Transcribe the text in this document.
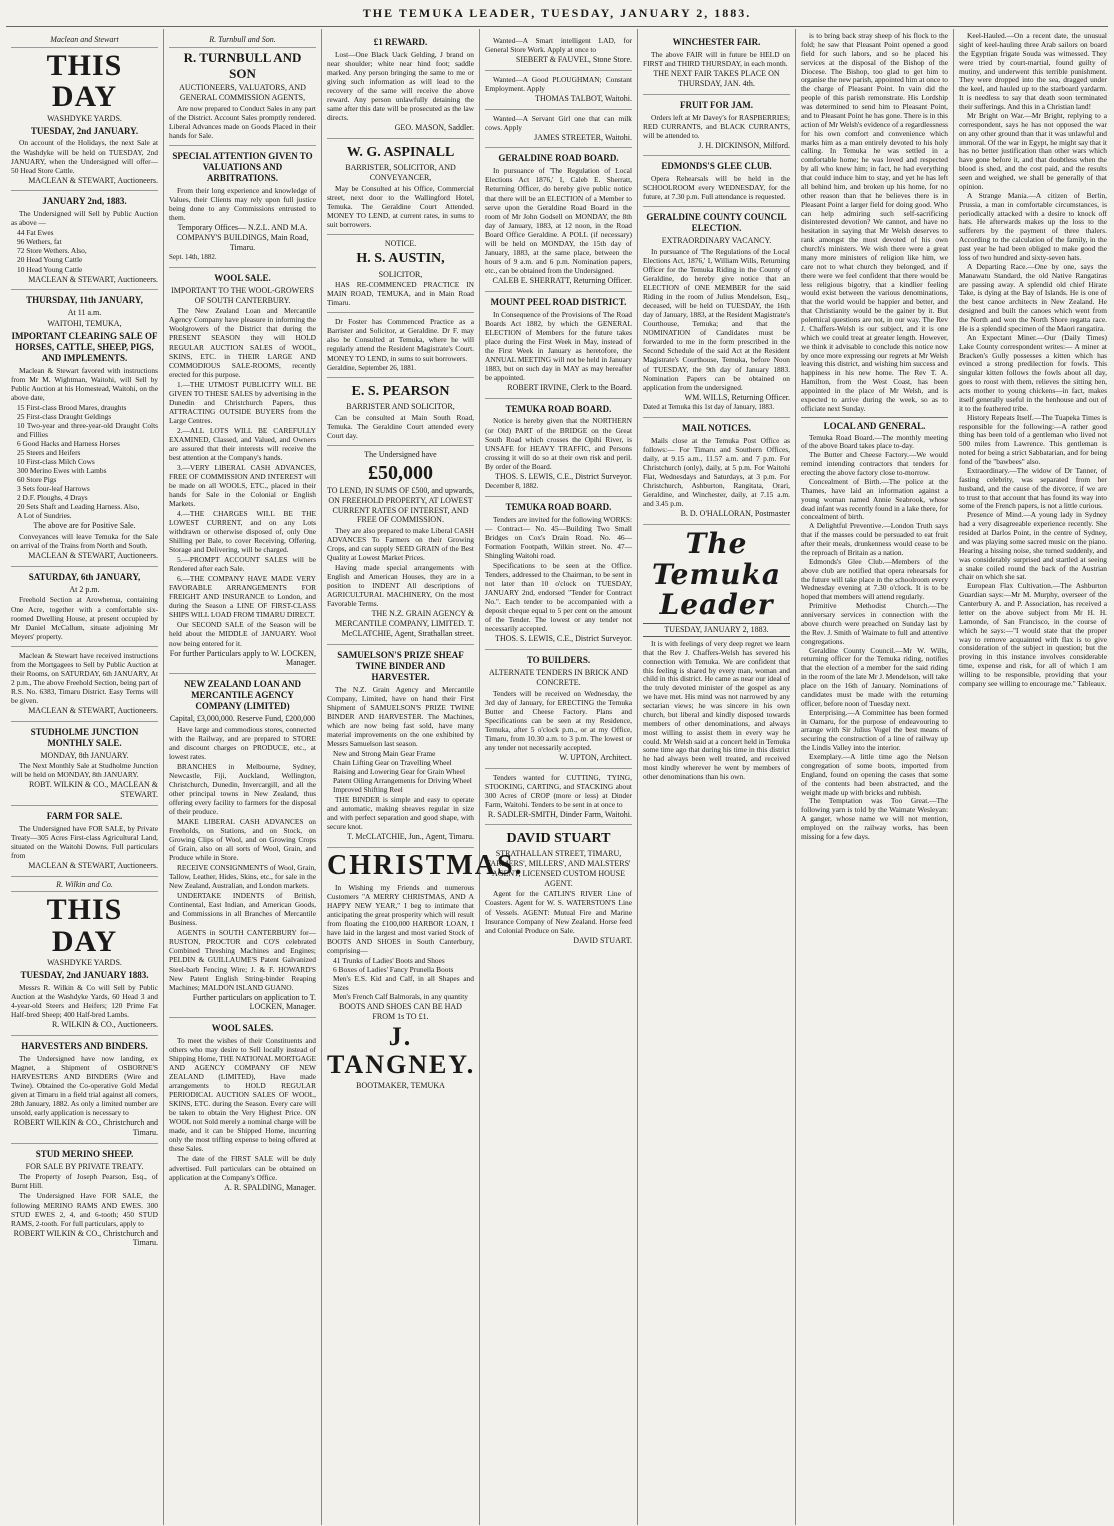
THE TEMUKA LEADER, TUESDAY, JANUARY 2, 1883.
Maclean and Stewart
THIS DAY
WASHDYKE YARDS.
TUESDAY, 2nd JANUARY.
On account of the Holidays, the next Sale at the Washdyke will be held on TUESDAY, 2nd JANUARY, when the Undersigned will offer— 50 Head Store Cattle.
MACLEAN & STEWART, Auctioneers.
JANUARY 2nd, 1883.
The Undersigned will Sell by Public Auction as above —
44 Fat Ewes
96 Wethers, fat
72 Store Wethers. Also,
20 Head Young Cattle
10 Head Young Cattle
MACLEAN & STEWART, Auctioneers.
THURSDAY, 11th JANUARY,
At 11 a.m.
WAITOHI, TEMUKA,
IMPORTANT CLEARING SALE OF HORSES, CATTLE, SHEEP, PIGS, AND IMPLEMENTS.
Maclean & Stewart favored with instructions from Mr M. Wightman, Waitohi, will Sell by Public Auction at his Homestead, Waitohi, on the above date,
15 First-class Brood Mares, draughts
25 First-class Draught Geldings
10 Two-year and three-year-old Draught Colts and Fillies
6 Good Hacks and Harness Horses
25 Steers and Heifers
10 First-class Milch Cows
300 Merino Ewes with Lambs
60 Store Pigs
3 Sets four-leaf Harrows
2 D.F. Ploughs, 4 Drays
20 Sets Shaft and Leading Harness. Also,
A Lot of Sundries.
The above are for Positive Sale.
Conveyances will leave Temuka for the Sale on arrival of the Trains from North and South.
MACLEAN & STEWART, Auctioneers.
SATURDAY, 6th JANUARY,
At 2 p.m.
Freehold Section at Arowhenua, containing One Acre, together with a comfortable six-roomed Dwelling House, at present occupied by Mr Daniel McCallum, situate adjoining Mr Meyers' property.
Maclean & Stewart have received instructions from the Mortgagees to Sell by Public Auction at their Rooms, on SATURDAY, 6th JANUARY, At 2 p.m., The above Freehold Section, being part of R.S. No. 6383, Timaru District. Easy Terms will be given.
MACLEAN & STEWART, Auctioneers.
STUDHOLME JUNCTION MONTHLY SALE.
MONDAY, 8th JANUARY.
The Next Monthly Sale at Studholme Junction will be held on MONDAY, 8th JANUARY.
ROBT. WILKIN & CO., MACLEAN & STEWART.
FARM FOR SALE.
The Undersigned have FOR SALE, by Private Treaty—305 Acres First-class Agricultural Land, situated on the Waitohi Downs. Full particulars from
MACLEAN & STEWART, Auctioneers.
R. Wilkin and Co.
THIS DAY
WASHDYKE YARDS.
TUESDAY, 2nd JANUARY 1883.
Messrs R. Wilkin & Co will Sell by Public Auction at the Washdyke Yards, 60 Head 3 and 4-year-old Steers and Heifers; 120 Prime Fat Half-bred Sheep; 400 Half-bred Lambs.
R. WILKIN & CO., Auctioneers.
HARVESTERS AND BINDERS.
The Undersigned have now landing, ex Magnet, a Shipment of OSBORNE'S HARVESTERS AND BINDERS (Wire and Twine). Obtained the Co-operative Gold Medal given at Timaru in a field trial against all comers, 28th January, 1882. As only a limited number are unsold, early application is necessary to
ROBERT WILKIN & CO., Christchurch and Timaru.
STUD MERINO SHEEP.
FOR SALE BY PRIVATE TREATY.
The Property of Joseph Pearson, Esq., of Burnt Hill.
The Undersigned Have FOR SALE, the following MERINO RAMS AND EWES. 300 STUD EWES 2, 4, and 6-tooth; 450 STUD RAMS, 2-tooth. For full particulars, apply to
ROBERT WILKIN & CO., Christchurch and Timaru.
R. Turnbull and Son.
R. TURNBULL AND SON
AUCTIONEERS, VALUATORS, AND GENERAL COMMISSION AGENTS,
Are now prepared to Conduct Sales in any part of the District. Account Sales promptly rendered. Liberal Advances made on Goods Placed in their hands for Sale.
SPECIAL ATTENTION GIVEN TO VALUATIONS AND ARBITRATIONS.
From their long experience and knowledge of Values, their Clients may rely upon full justice being done to any Commissions entrusted to them.
Temporary Offices— N.Z.L. AND M.A. COMPANY'S BUILDINGS, Main Road, Timaru.
Sept. 14th, 1882.
WOOL SALE.
IMPORTANT TO THE WOOL-GROWERS OF SOUTH CANTERBURY.
The New Zealand Loan and Mercantile Agency Company have pleasure in informing the Woolgrowers of the District that during the PRESENT SEASON they will HOLD REGULAR AUCTION SALES of WOOL, SKINS, ETC. in THEIR LARGE AND COMMODIOUS SALE-ROOMS, recently erected for this purpose.
1.—THE UTMOST PUBLICITY WILL BE GIVEN TO THESE SALES by advertising in the Dunedin and Christchurch Papers, thus ATTRACTING OUTSIDE BUYERS from the Large Centres.
2.—ALL LOTS WILL BE CAREFULLY EXAMINED, Classed, and Valued, and Owners are assured that their interests will receive the best attention at the Company's hands.
3.—VERY LIBERAL CASH ADVANCES, FREE OF COMMISSION AND INTEREST will be made on all WOOLS, ETC., placed in their hands for Sale in the Colonial or English Markets.
4.—THE CHARGES WILL BE THE LOWEST CURRENT, and on any Lots withdrawn or otherwise disposed of, only One Shilling per Bale, to cover Receiving, Offering, Storage and Delivering, will be charged.
5.—PROMPT ACCOUNT SALES will be Rendered after each Sale.
6.—THE COMPANY HAVE MADE VERY FAVORABLE ARRANGEMENTS FOR FREIGHT AND INSURANCE to London, and during the Season a LINE OF FIRST-CLASS SHIPS WILL LOAD FROM TIMARU DIRECT.
Our SECOND SALE of the Season will be held about the MIDDLE of JANUARY. Wool now being entered for it.
For further Particulars apply to W. LOCKEN, Manager.
NEW ZEALAND LOAN AND MERCANTILE AGENCY COMPANY (LIMITED)
Capital, £3,000,000. Reserve Fund, £200,000
Have large and commodious stores, connected with the Railway, and are prepared to STORE and discount charges on PRODUCE, etc., at lowest rates.
BRANCHES in Melbourne, Sydney, Newcastle, Fiji, Auckland, Wellington, Christchurch, Dunedin, Invercargill, and all the other principal towns in New Zealand, thus offering every facility to farmers for the disposal of their produce.
MAKE LIBERAL CASH ADVANCES on Freeholds, on Stations, and on Stock, on Growing Clips of Wool, and on Growing Crops of Grain, also on all sorts of Wool, Grain, and Produce while in Store.
RECEIVE CONSIGNMENTS of Wool, Grain, Tallow, Leather, Hides, Skins, etc., for sale in the New Zealand, Australian, and London markets.
UNDERTAKE INDENTS of British, Continental, East Indian, and American Goods, and Commissions in all Branches of Mercantile Business.
AGENTS in SOUTH CANTERBURY for— RUSTON, PROCTOR and CO'S celebrated Combined Threshing Machines and Engines; PELDIN & GUILLAUME'S Patent Galvanized Steel-barb Fencing Wire; J. & F. HOWARD'S New Patent English String-binder Reaping Machines; MALDON ISLAND GUANO.
Further particulars on application to T. LOCKEN, Manager.
WOOL SALES.
To meet the wishes of their Constituents and others who may desire to Sell locally instead of Shipping Home, THE NATIONAL MORTGAGE AND AGENCY COMPANY OF NEW ZEALAND (LIMITED), Have made arrangements to HOLD REGULAR PERIODICAL AUCTION SALES OF WOOL, SKINS, ETC. during the Season. Every care will be taken to obtain the Very Highest Price. ON WOOL not Sold merely a nominal charge will be made, and it can be Shipped Home, incurring only the most trifling expense to being offered at these Sales.
The date of the FIRST SALE will be duly advertised. Full particulars can be obtained on application at the Company's Office.
A. R. SPALDING, Manager.
£1 REWARD.
Lost—One Black Uack Gelding, J brand on near shoulder; white near hind foot; saddle marked. Any person bringing the same to me or giving such information as will lead to the recovery of the same will receive the above reward. Any person unlawfully detaining the same after this date will be prosecuted as the law directs.
GEO. MASON, Saddler.
W. G. ASPINALL
BARRISTER, SOLICITOR, AND CONVEYANCER,
May be Consulted at his Office, Commercial street, next door to the Wallingford Hotel, Temuka. The Geraldine Court Attended. MONEY TO LEND, at current rates, in sums to suit borrowers.
NOTICE.
H. S. AUSTIN,
SOLICITOR,
HAS RE-COMMENCED PRACTICE IN MAIN ROAD, TEMUKA, and in Main Road Timaru.
Dr Foster has Commenced Practice as a Barrister and Solicitor, at Geraldine. Dr F. may also be Consulted at Temuka, where he will regularly attend the Resident Magistrate's Court. MONEY TO LEND, in sums to suit borrowers.
Geraldine, September 26, 1881.
E. S. PEARSON
BARRISTER AND SOLICITOR,
Can be consulted at Main South Road, Temuka. The Geraldine Court attended every Court day.
The Undersigned have
£50,000
TO LEND, IN SUMS OF £500, and upwards, ON FREEHOLD PROPERTY, AT LOWEST CURRENT RATES OF INTEREST, AND FREE OF COMMISSION.
They are also prepared to make Liberal CASH ADVANCES To Farmers on their Growing Crops, and can supply SEED GRAIN of the Best Quality at Lowest Market Prices.
Having made special arrangements with English and American Houses, they are in a position to INDENT All descriptions of AGRICULTURAL MACHINERY, On the most Favorable Terms.
THE N.Z. GRAIN AGENCY & MERCANTILE COMPANY, LIMITED. T. McCLATCHIE, Agent, Strathallan street.
SAMUELSON'S PRIZE SHEAF TWINE BINDER AND HARVESTER.
The N.Z. Grain Agency and Mercantile Company, Limited, have on hand their First Shipment of SAMUELSON'S PRIZE TWINE BINDER AND HARVESTER. The Machines, which are now being fast sold, have many material improvements on the one exhibited by Messrs Samuelson last season.
New and Strong Main Gear Frame
Chain Lifting Gear on Travelling Wheel
Raising and Lowering Gear for Grain Wheel
Patent Oiling Arrangements for Driving Wheel
Improved Shifting Reel
THE BINDER is simple and easy to operate and automatic, making sheaves regular in size and with perfect separation and good shape, with secure knot.
T. McCLATCHIE, Jun., Agent, Timaru.
CHRISTMAS.
In Wishing my Friends and numerous Customers "A MERRY CHRISTMAS, AND A HAPPY NEW YEAR," I beg to intimate that anticipating the great prosperity which will result from floating the £100,000 HARBOR LOAN, I have laid in the largest and most varied Stock of BOOTS AND SHOES in South Canterbury, comprising—
41 Trunks of Ladies' Boots and Shoes
6 Boxes of Ladies' Fancy Prunella Boots
Men's E.S. Kid and Calf, in all Shapes and Sizes
Men's French Calf Balmorals, in any quantity
BOOTS AND SHOES CAN BE HAD FROM 1s TO £1.
J. TANGNEY.
BOOTMAKER, TEMUKA
Wanted—A Smart intelligent LAD, for General Store Work. Apply at once to
SIEBERT & FAUVEL, Stone Store.
Wanted—A Good PLOUGHMAN; Constant Employment. Apply
THOMAS TALBOT, Waitohi.
Wanted—A Servant Girl one that can milk cows. Apply
JAMES STREETER, Waitohi.
GERALDINE ROAD BOARD.
In pursuance of 'The Regulation of Local Elections Act 1876,' I, Caleb E. Sherratt, Returning Officer, do hereby give public notice that there will be an ELECTION of a Member to serve upon the Geraldine Road Board in the room of Mr John Godsell on MONDAY, the 8th day of January, 1883, at 12 noon, in the Road Board Office Geraldine. A POLL (if necessary) will be held on MONDAY, the 15th day of January, 1883, at the same place, between the hours of 9 a.m. and 6 p.m. Nomination papers, etc., can be obtained from the Undersigned.
CALEB E. SHERRATT, Returning Officer.
MOUNT PEEL ROAD DISTRICT.
In Consequence of the Provisions of The Road Boards Act 1882, by which the GENERAL ELECTION of Members for the future takes place during the First Week in May, instead of the First Week in January as heretofore, the ANNUAL MEETING will not be held in January 1883, but on such day in MAY as may hereafter be appointed.
ROBERT IRVINE, Clerk to the Board.
TEMUKA ROAD BOARD.
Notice is hereby given that the NORTHERN (or Old) PART of the BRIDGE on the Great South Road which crosses the Opihi River, is UNSAFE for HEAVY TRAFFIC, and Persons crossing it will do so at their own risk and peril. By order of the Board.
THOS. S. LEWIS, C.E., District Surveyor.
December 8, 1882.
TEMUKA ROAD BOARD.
Tenders are invited for the following WORKS:— Contract— No. 45—Building Two Small Bridges on Cox's Drain Road. No. 46—Formation Footpath, Wilkin street. No. 47—Shingling Waitohi road.
Specifications to be seen at the Office. Tenders, addressed to the Chairman, to be sent in not later than 10 o'clock on TUESDAY, JANUARY 2nd, endorsed "Tender for Contract No.". Each tender to be accompanied with a deposit cheque equal to 5 per cent on the amount of the Tender. The lowest or any tender not necessarily accepted.
THOS. S. LEWIS, C.E., District Surveyor.
TO BUILDERS.
ALTERNATE TENDERS IN BRICK AND CONCRETE.
Tenders will be received on Wednesday, the 3rd day of January, for ERECTING the Temuka Butter and Cheese Factory. Plans and Specifications can be seen at my Residence, Temuka, after 5 o'clock p.m., or at my Office, Timaru, from 10.30 a.m. to 3 p.m. The lowest or any tender not necessarily accepted.
W. UPTON, Architect.
Tenders wanted for CUTTING, TYING, STOOKING, CARTING, and STACKING about 300 Acres of CROP (more or less) at Dinder Farm, Waitohi. Tenders to be sent in at once to
R. SADLER-SMITH, Dinder Farm, Waitohi.
DAVID STUART
STRATHALLAN STREET, TIMARU, FARMERS', MILLERS', AND MALSTERS' AGENT, LICENSED CUSTOM HOUSE AGENT.
Agent for the CATLIN'S RIVER Line of Coasters. Agent for W. S. WATERSTON'S Line of Vessels. AGENT: Mutual Fire and Marine Insurance Company of New Zealand. Horse feed and Colonial Produce on Sale.
DAVID STUART.
WINCHESTER FAIR.
The above FAIR will in future be HELD on FIRST and THIRD THURSDAY, in each month.
THE NEXT FAIR TAKES PLACE ON THURSDAY, JAN. 4th.
FRUIT FOR JAM.
Orders left at Mr Davey's for RASPBERRIES; RED CURRANTS, and BLACK CURRANTS, will be attended to.
J. H. DICKINSON, Milford.
EDMONDS'S GLEE CLUB.
Opera Rehearsals will be held in the SCHOOLROOM every WEDNESDAY, for the future, at 7.30 p.m. Full attendance is requested.
GERALDINE COUNTY COUNCIL ELECTION.
EXTRAORDINARY VACANCY.
In pursuance of 'The Regulations of the Local Elections Act, 1876,' I, William Wills, Returning Officer for the Temuka Riding in the County of Geraldine, do hereby give notice that an ELECTION of ONE MEMBER for the said Riding in the room of Julius Mendelson, Esq., deceased, will be held on TUESDAY, the 16th day of January, 1883, at the Resident Magistrate's Courthouse, Temuka; and that the NOMINATION of Candidates must be forwarded to me in the form prescribed in the Second Schedule of the said Act at the Resident Magistrate's Courthouse, Temuka, before Noon of TUESDAY, the 9th day of January 1883. Nomination Papers can be obtained on application from the undersigned.
WM. WILLS, Returning Officer.
Dated at Temuka this 1st day of January, 1883.
MAIL NOTICES.
Mails close at the Temuka Post Office as follows:— For Timaru and Southern Offices, daily, at 9.15 a.m., 11.57 a.m. and 7 p.m. For Christchurch (only), daily, at 5 p.m. For Waitohi Flat, Wednesdays and Saturdays, at 3 p.m. For Christchurch, Ashburton, Rangitata, Orari, Geraldine, and Winchester, daily, at 7.15 a.m. and 3.45 p.m.
B. D. O'HALLORAN, Postmaster
The Temuka Leader
TUESDAY, JANUARY 2, 1883.

It is with feelings of very deep regret we learn that the Rev J. Chaffers-Welsh has severed his connection with Temuka. We are confident that this feeling is shared by every man, woman and child in this district. He came as near our ideal of the truly devoted minister of the gospel as any we have met. His mind was not narrowed by any sectarian views; he was sincere in his own church, but liberal and kindly disposed towards members of other denominations, and always most willing to assist them in every way he could. Mr Welsh said at a concert held in Temuka some time ago that during his time in this district he had always been well treated, and received most kindly wherever he went by members of other denominations than his own.

is to bring back stray sheep of his flock to the fold; he saw that Pleasant Point opened a good field for such labors, and so he placed his services at the disposal of the Bishop of the Diocese. The Bishop, too glad to get him to organise the new parish, appointed him at once to the charge of Pleasant Point. In vain did the people of this parish remonstrate. His Lordship was determined to send him to Pleasant Point, and to Pleasant Point he has gone. There is in this action of Mr Welsh's evidence of a regardlessness for his own comfort and convenience which marks him as a man entirely devoted to his holy calling. In Temuka he was settled in a comfortable home; he was loved and respected by all who knew him; in fact, he had everything that could induce him to stay, and yet he has left all behind him, and broken up his home, for no other reason than that he believes there is in Pleasant Point a larger field for doing good. Who can help admiring such self-sacrificing disinterested devotion? We cannot, and have no hesitation in saying that Mr Welsh deserves to rank amongst the most devoted of his own church's ministers. We wish there were a great many more ministers of religion like him, we care not to what church they belonged, and if there were we feel confident that there would be less religious bigotry, that a kindlier feeling would exist between the various denominations, that the world would be happier and better, and that Christianity would be the gainer by it. But polemical questions are not, in our way. The Rev J. Chaffers-Welsh is our subject, and it is one which we could treat at greater length. However, we think it advisable to conclude this notice now by once more expressing our regrets at Mr Welsh leaving this district, and wishing him success and happiness in his new home. The Rev T. A. Hamilton, from the West Coast, has been appointed in the place of Mr Welsh, and is expected to arrive during the week, so as to officiate next Sunday.

LOCAL AND GENERAL.

Temuka Road Board.—The monthly meeting of the above Board takes place to-day.

The Butter and Cheese Factory.—We would remind intending contractors that tenders for erecting the above factory close to-morrow.

Concealment of Birth.—The police at the Thames, have laid an information against a young woman named Annie Seabrook, whose dead infant was recently found in a lake there, for concealment of birth.

A Delightful Preventive.—London Truth says that if the masses could be persuaded to eat fruit after their meals, drunkenness would cease to be the reproach of Britain as a nation.

Edmonds's Glee Club.—Members of the above club are notified that opera rehearsals for the future will take place in the schoolroom every Wednesday evening at 7.30 o'clock. It is to be hoped that members will attend regularly.

Primitive Methodist Church.—The anniversary services in connection with the above church were preached on Sunday last by the Rev. J. Smith of Waimate to full and attentive congregations.

Geraldine County Council.—Mr W. Wills, returning officer for the Temuka riding, notifies that the election of a member for the said riding in the room of the late Mr J. Mendelson, will take place on the 16th of January. Nominations of candidates must be made with the returning officer, before noon of Tuesday next.

Enterprising.—A Committee has been formed in Oamaru, for the purpose of endeavouring to arrange with Sir Julius Vogel the best means of securing the construction of a line of railway up the Lindis Valley into the interior.

Exemplary.—A little time ago the Nelson congregation of some boots, imported from England, found on opening the cases that some of the contents had been abstracted, and the weight made up with bricks and rubbish.

The Temptation was Too Great.—The following yarn is told by the Waimate Wesleyan: A ganger, whose name we will not mention, employed on the railway works, has been missing for a few days.

Keel-Hauled.—On a recent date, the unusual sight of keel-hauling three Arab sailors on board the Egyptian frigate Souda was witnessed. They were tried by court-martial, found guilty of mutiny, and underwent this terrible punishment. They were dropped into the sea, dragged under the keel, and hauled up to the starboard yardarm. It is needless to say that death soon terminated their sufferings. And this in a Christian land!

Mr Bright on War.—Mr Bright, replying to a correspondent, says he has not opposed the war on any other ground than that it was unlawful and immoral. Of the war in Egypt, he might say that it has no better justification than other wars which have gone before it, and that doubtless when the blood is shed, and the cost paid, and the results seen and weighed, we shall be generally of that opinion.

A Strange Mania.—A citizen of Berlin, Prussia, a man in comfortable circumstances, is periodically attacked with a desire to knock off hats. He afterwards makes up the loss to the sufferers by the payment of three thalers. According to the calculation of the family, in the past year he had been obliged to make good the loss of two hundred and sixty-seven hats.

A Departing Race.—One by one, says the Manawatu Standard, the old Native Rangatiras are passing away. A splendid old chief Hirate Take, is dying at the Bay of Islands. He is one of the best canoe architects in New Zealand. He designed and built the canoes which went from the North and won the North Shore regatta race. He is a splendid specimen of the Maori rangatira.

An Expectant Miner.—Our (Daily Times) Lake County correspondent writes:— A miner at Bracken's Gully possesses a kitten which has evinced a strong predilection for fowls. This singular kitten follows the fowls about all day, goes to roost with them, relieves the sitting hen, acts mother to young chickens—in fact, makes itself generally useful in the henhouse and out of it to the feathered tribe.

History Repeats Itself.—The Tuapeka Times is responsible for the following:—A rather good thing has been told of a gentleman who lived not 500 miles from Lawrence. This gentleman is noted for being a strict Sabbatarian, and for being fond of the "bawbees" also.

Extraordinary.—The widow of Dr Tanner, of fasting celebrity, was separated from her husband, and the cause of the divorce, if we are to trust to that account that has found its way into some of the French papers, is not a little curious.

Presence of Mind.—A young lady in Sydney had a very disagreeable experience recently. She resided at Darlos Point, in the centre of Sydney, and was playing some sacred music on the piano. Hearing a hissing noise, she turned suddenly, and was considerably surprised and startled at seeing a snake coiled round the back of the Austrian chair on which she sat.

European Flax Cultivation.—The Ashburton Guardian says:—Mr M. Murphy, overseer of the Canterbury A. and P. Association, has received a letter on the above subject from Mr H. H. Lamonde, of San Francisco, in the course of which he says:—"I would state that the proper way to remove acquainted with flax is to give consideration of the subject in question; but the proving in this instance involves considerable time, expense and risk, for all of which I am willing to be responsible, providing that your company see willing to encourage me." Tableaux.
